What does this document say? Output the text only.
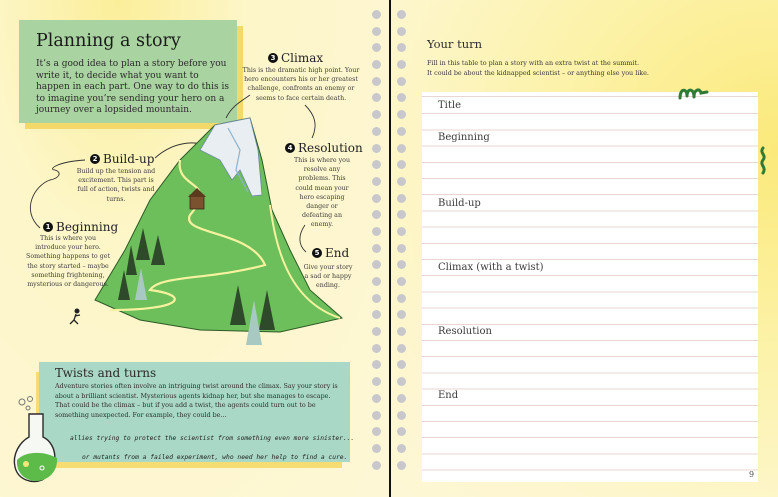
Planning a story
It’s a good idea to plan a story before you write it, to decide what you want to happen in each part. One way to do this is to imagine you’re sending your hero on a journey over a lopsided mountain.
3 Climax
This is the dramatic high point. Your hero encounters his or her greatest challenge, confronts an enemy or seems to face certain death.
4 Resolution
This is where you resolve any problems. This could mean your hero escaping danger or defeating an enemy.
5 End
Give your story a sad or happy ending.
2 Build-up
Build up the tension and excitement. This part is full of action, twists and turns.
1 Beginning
This is where you introduce your hero. Something happens to get the story started – maybe something frightening, mysterious or dangerous.
Twists and turns
Adventure stories often involve an intriguing twist around the climax. Say your story is about a brilliant scientist. Mysterious agents kidnap her, but she manages to escape. That could be the climax – but if you add a twist, the agents could turn out to be something unexpected. For example, they could be...
allies trying to protect the scientist from something even more sinister...
or mutants from a failed experiment, who need her help to find a cure.
Your turn
Fill in this table to plan a story with an extra twist at the summit.
It could be about the kidnapped scientist – or anything else you like.
Title
Beginning
Build-up
Climax (with a twist)
Resolution
End
9
